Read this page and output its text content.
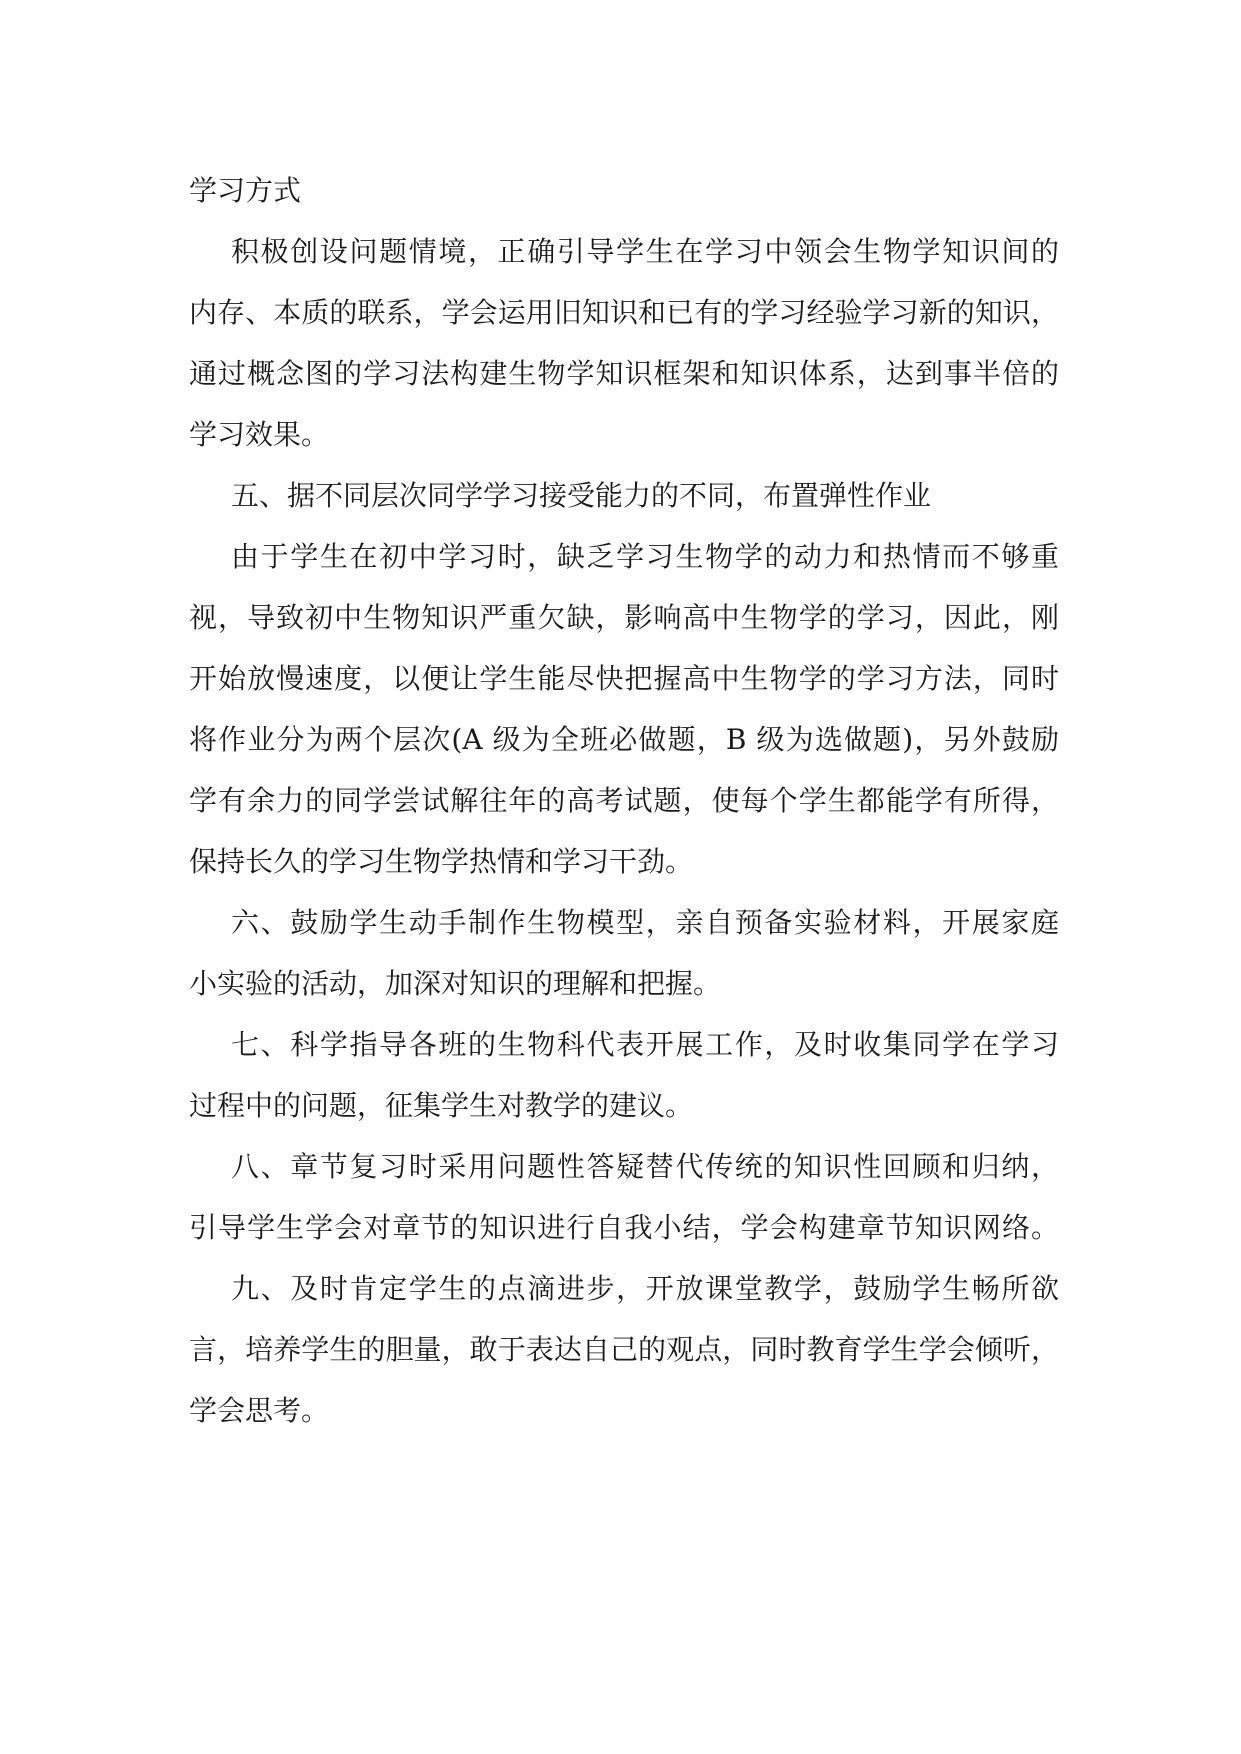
学习方式
积极创设问题情境，正确引导学生在学习中领会生物学知识间的
内存、本质的联系，学会运用旧知识和已有的学习经验学习新的知识，
通过概念图的学习法构建生物学知识框架和知识体系，达到事半倍的
学习效果。
五、据不同层次同学学习接受能力的不同，布置弹性作业
由于学生在初中学习时，缺乏学习生物学的动力和热情而不够重
视，导致初中生物知识严重欠缺，影响高中生物学的学习，因此，刚
开始放慢速度，以便让学生能尽快把握高中生物学的学习方法，同时
将作业分为两个层次(A 级为全班必做题，B 级为选做题)，另外鼓励
学有余力的同学尝试解往年的高考试题，使每个学生都能学有所得，
保持长久的学习生物学热情和学习干劲。
六、鼓励学生动手制作生物模型，亲自预备实验材料，开展家庭
小实验的活动，加深对知识的理解和把握。
七、科学指导各班的生物科代表开展工作，及时收集同学在学习
过程中的问题，征集学生对教学的建议。
八、章节复习时采用问题性答疑替代传统的知识性回顾和归纳，
引导学生学会对章节的知识进行自我小结，学会构建章节知识网络。
九、及时肯定学生的点滴进步，开放课堂教学，鼓励学生畅所欲
言，培养学生的胆量，敢于表达自己的观点，同时教育学生学会倾听，
学会思考。
